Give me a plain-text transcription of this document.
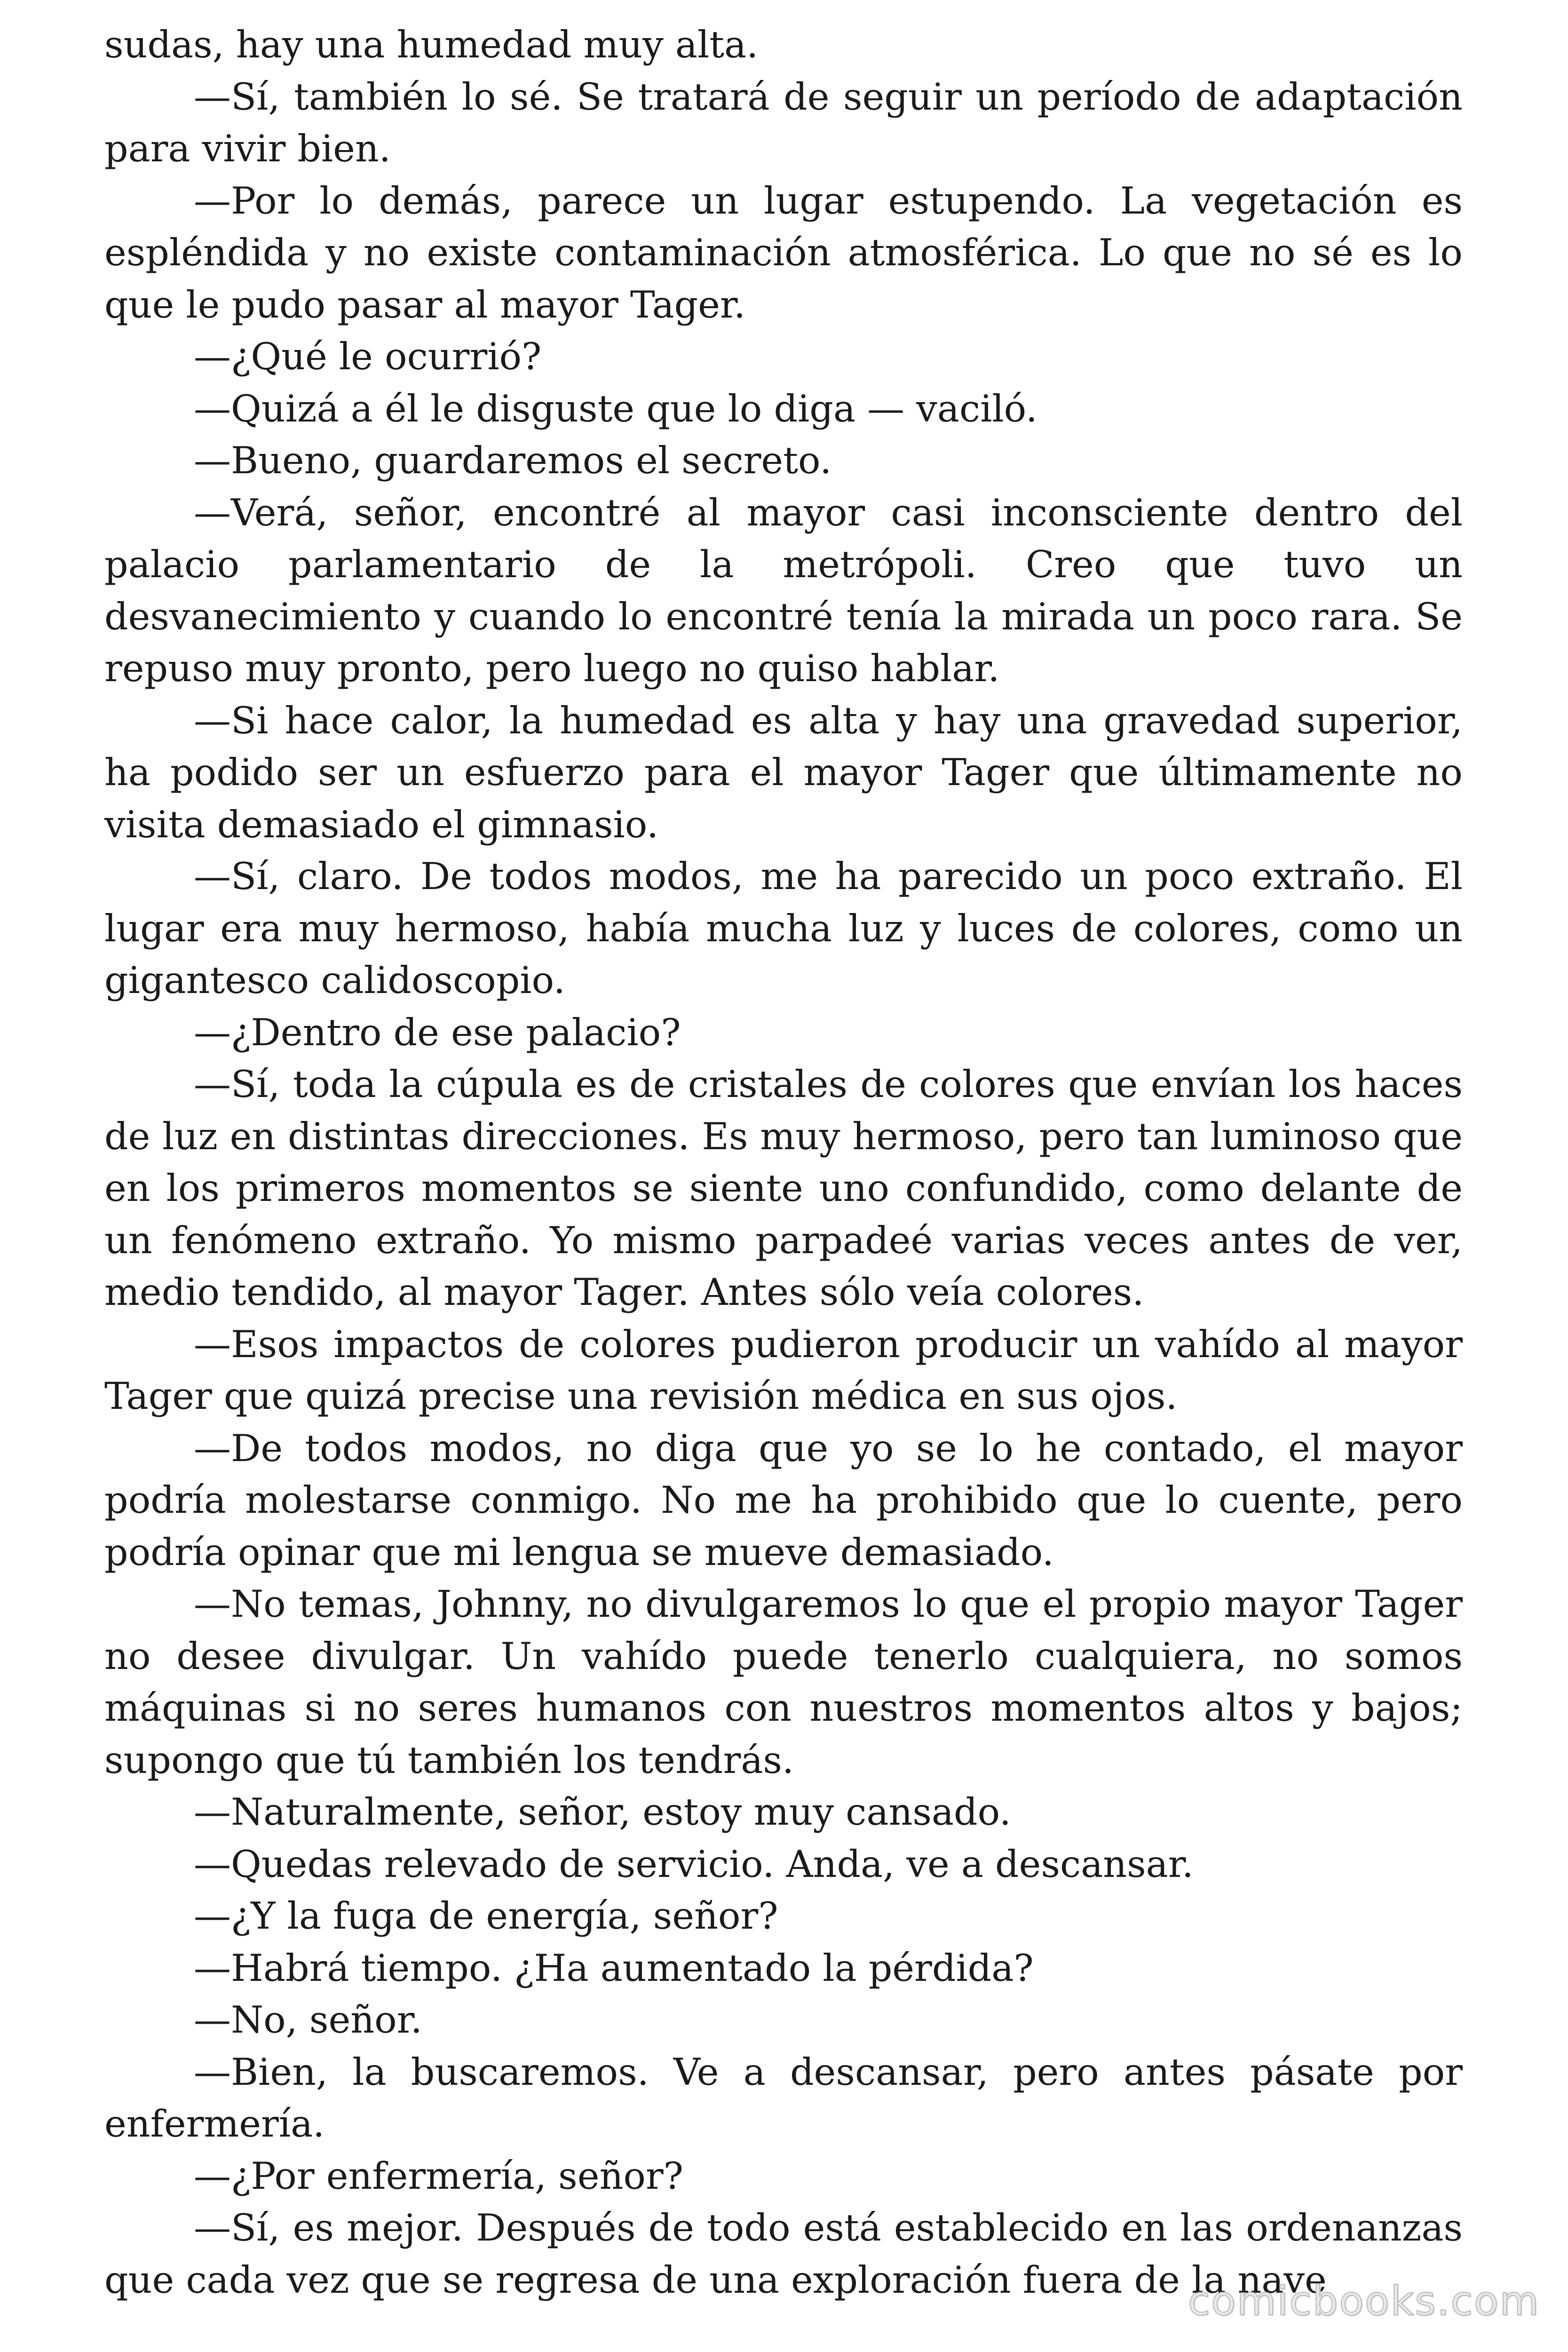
sudas, hay una humedad muy alta.

—Sí, también lo sé. Se tratará de seguir un período de adaptación para vivir bien.

—Por lo demás, parece un lugar estupendo. La vegetación es espléndida y no existe contaminación atmosférica. Lo que no sé es lo que le pudo pasar al mayor Tager.

—¿Qué le ocurrió?

—Quizá a él le disguste que lo diga — vaciló.

—Bueno, guardaremos el secreto.

—Verá, señor, encontré al mayor casi inconsciente dentro del palacio parlamentario de la metrópoli. Creo que tuvo un desvanecimiento y cuando lo encontré tenía la mirada un poco rara. Se repuso muy pronto, pero luego no quiso hablar.

—Si hace calor, la humedad es alta y hay una gravedad superior, ha podido ser un esfuerzo para el mayor Tager que últimamente no visita demasiado el gimnasio.

—Sí, claro. De todos modos, me ha parecido un poco extraño. El lugar era muy hermoso, había mucha luz y luces de colores, como un gigantesco calidoscopio.

—¿Dentro de ese palacio?

—Sí, toda la cúpula es de cristales de colores que envían los haces de luz en distintas direcciones. Es muy hermoso, pero tan luminoso que en los primeros momentos se siente uno confundido, como delante de un fenómeno extraño. Yo mismo parpadeé varias veces antes de ver, medio tendido, al mayor Tager. Antes sólo veía colores.

—Esos impactos de colores pudieron producir un vahído al mayor Tager que quizá precise una revisión médica en sus ojos.

—De todos modos, no diga que yo se lo he contado, el mayor podría molestarse conmigo. No me ha prohibido que lo cuente, pero podría opinar que mi lengua se mueve demasiado.

—No temas, Johnny, no divulgaremos lo que el propio mayor Tager no desee divulgar. Un vahído puede tenerlo cualquiera, no somos máquinas si no seres humanos con nuestros momentos altos y bajos; supongo que tú también los tendrás.

—Naturalmente, señor, estoy muy cansado.

—Quedas relevado de servicio. Anda, ve a descansar.

—¿Y la fuga de energía, señor?

—Habrá tiempo. ¿Ha aumentado la pérdida?

—No, señor.

—Bien, la buscaremos. Ve a descansar, pero antes pásate por enfermería.

—¿Por enfermería, señor?

—Sí, es mejor. Después de todo está establecido en las ordenanzas que cada vez que se regresa de una exploración fuera de la nave

comicbooks.com
